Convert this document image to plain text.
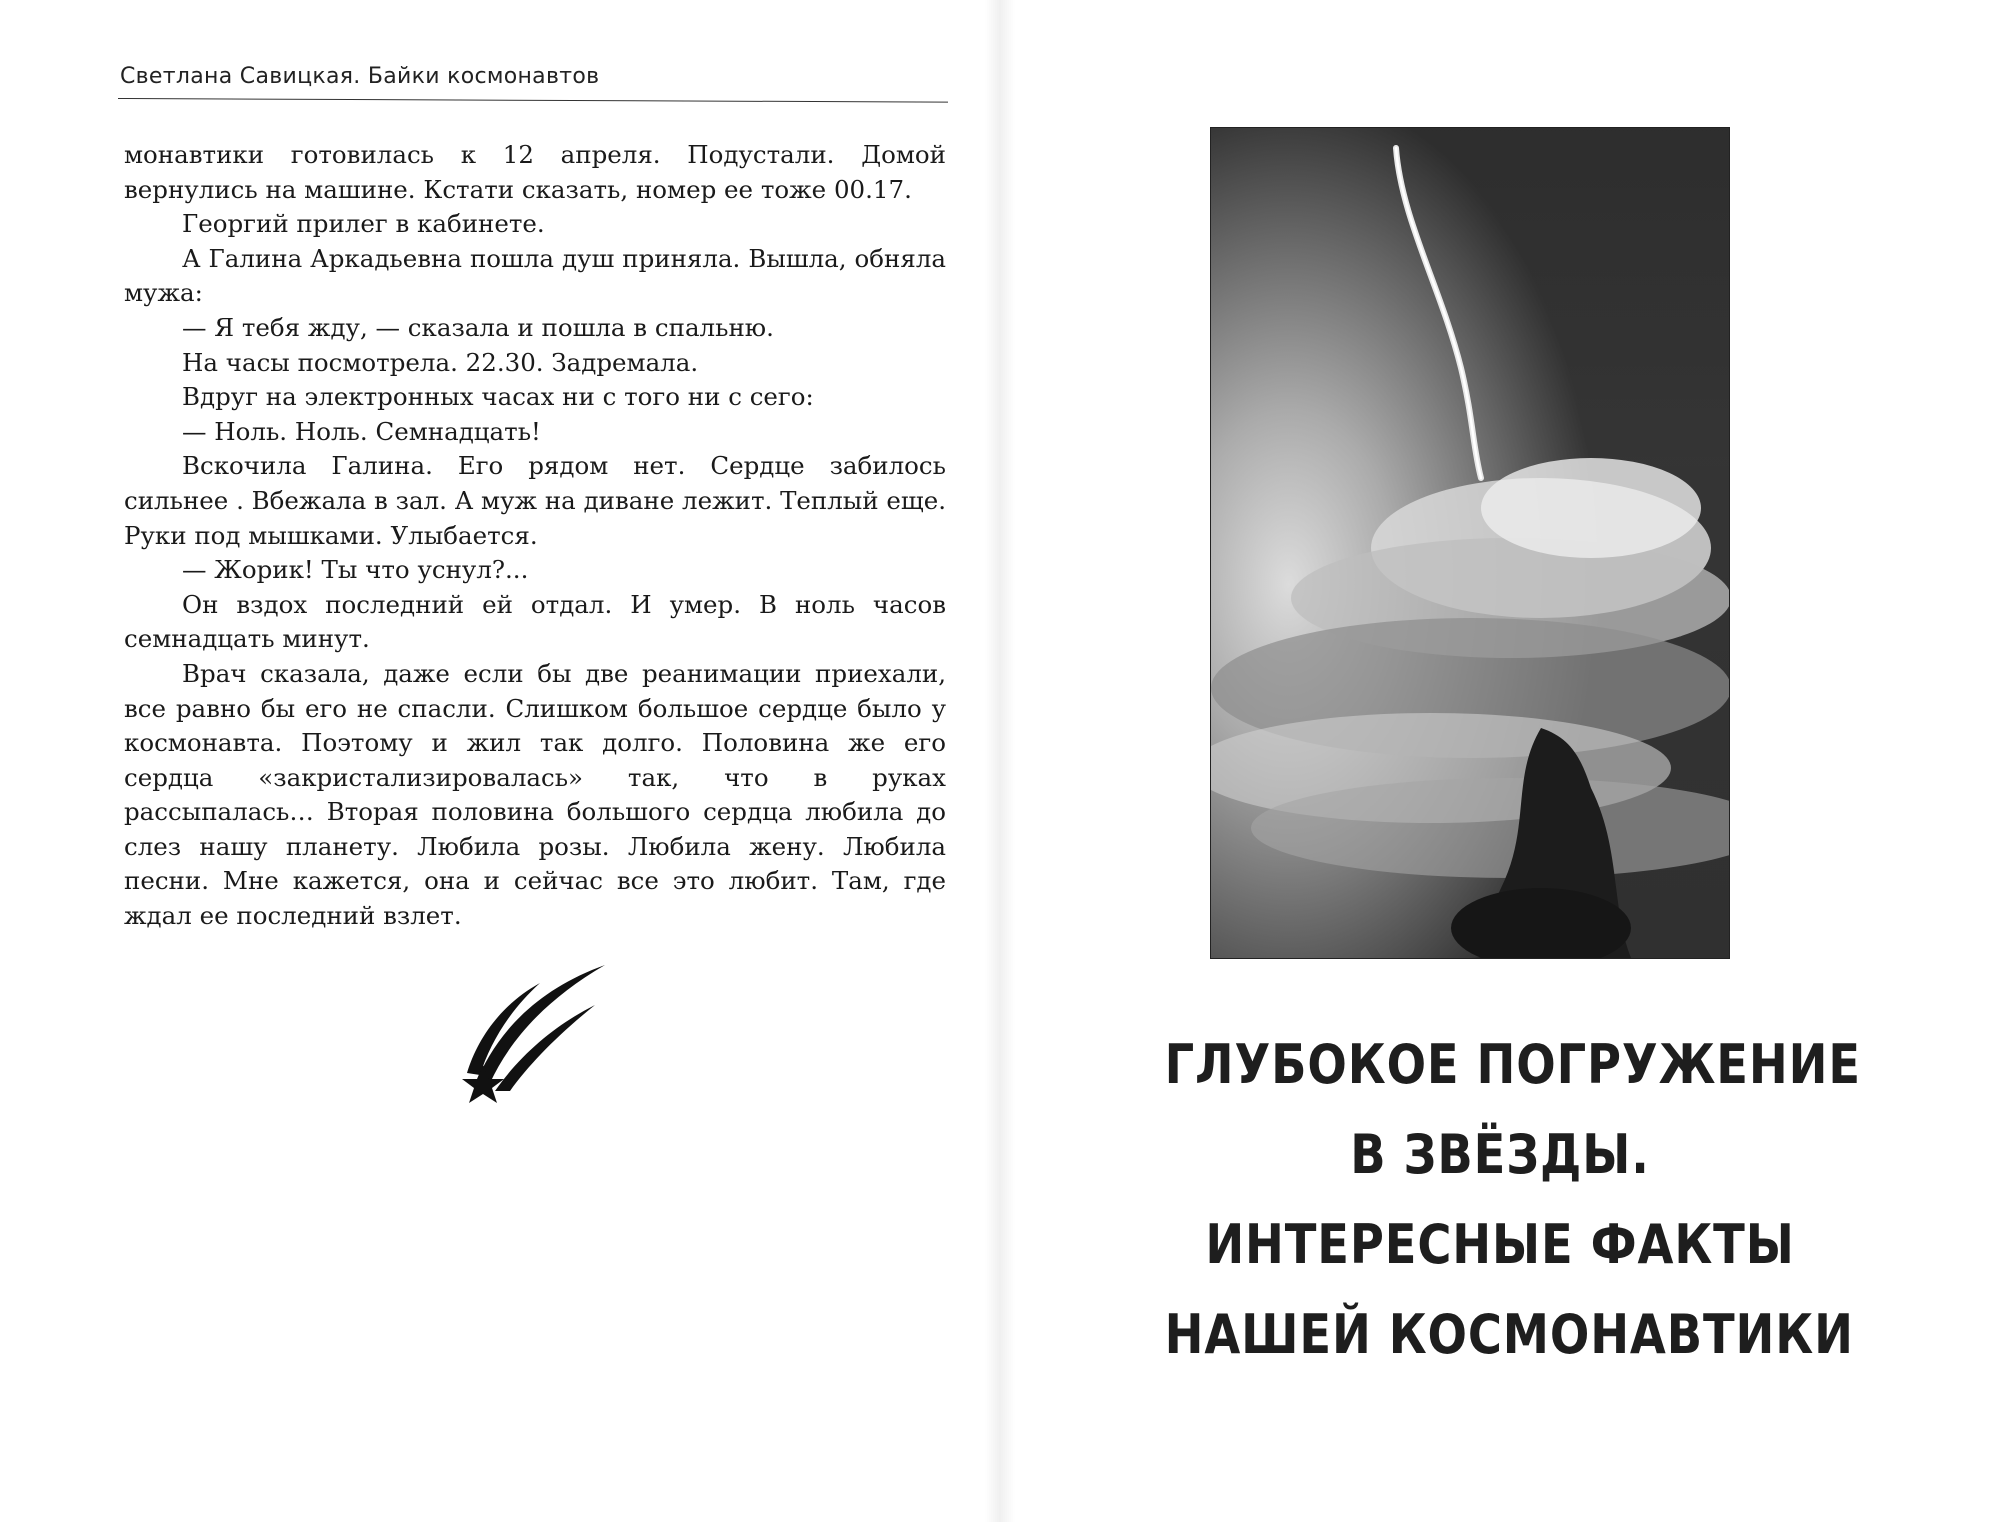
Светлана Савицкая. Байки космонавтов

монавтики готовилась к 12 апреля. Подустали. Домой вернулись на машине. Кстати сказать, номер ее тоже 00.17.

Георгий прилег в кабинете.

А Галина Аркадьевна пошла душ приняла. Вышла, обняла мужа:

— Я тебя жду, — сказала и пошла в спальню.

На часы посмотрела. 22.30. Задремала.

Вдруг на электронных часах ни с того ни с сего:

— Ноль. Ноль. Семнадцать!

Вскочила Галина. Его рядом нет. Сердце забилось сильнее . Вбежала в зал. А муж на диване лежит. Теплый еще. Руки под мышками. Улыбается.

— Жорик! Ты что уснул?...

Он вздох последний ей отдал. И умер. В ноль часов семнадцать минут.

Врач сказала, даже если бы две реанимации приехали, все равно бы его не спасли. Слишком большое сердце было у космонавта. Поэтому и жил так долго. Половина же его сердца «закристализировалась» так, что в руках рассыпалась… Вторая половина большого сердца любила до слез нашу планету. Любила розы. Любила жену. Любила песни. Мне кажется, она и сейчас все это любит. Там, где ждал ее последний взлет.

ГЛУБОКОЕ ПОГРУЖЕНИЕ
В ЗВЁЗДЫ.
ИНТЕРЕСНЫЕ ФАКТЫ
НАШЕЙ КОСМОНАВТИКИ
